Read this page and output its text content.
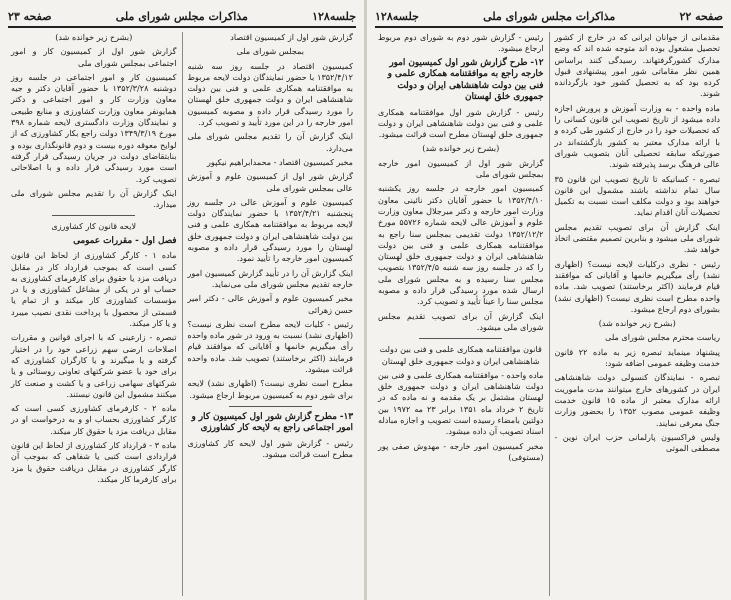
جلسه۱۲۸
مذاکرات مجلس شورای ملی
صفحه ۲۳

گزارش شور اول از کمیسیون اقتصاد

بمجلس شورای ملی

کمیسیون اقتصاد در جلسه روز سه شنبه ۱۳۵۲/۴/۱۲ با حضور نمایندگان دولت لایحه مربوط به موافقتنامه همکاری علمی و فنی بین دولت شاهنشاهی ایران و دولت جمهوری خلق لهستان را مورد رسیدگی قرار داده و مصوبه کمیسیون امور خارجه را در این مورد تأیید و تصویب کرد.

اینک گزارش آن را تقدیم مجلس شورای ملی می‌دارد.

مخبر کمیسیون اقتصاد - محمدابراهیم نیکپور

گزارش شور اول از کمیسیون علوم و آموزش عالی بمجلس شورای ملی

کمیسیون علوم و آموزش عالی در جلسه روز پنجشنبه ۱۳۵۲/۴/۲۱ با حضور نمایندگان دولت لایحه مربوط به موافقتنامه همکاری علمی و فنی بین دولت شاهنشاهی ایران و دولت جمهوری خلق لهستان را مورد رسیدگی قرار داده و مصوبه کمیسیون امور خارجه را تأیید نمود.

اینک گزارش آن را در تأیید گزارش کمیسیون امور خارجه تقدیم مجلس شورای ملی می‌نماید.

مخبر کمیسیون علوم و آموزش عالی - دکتر امیر حسن زهرائی

رئیس - کلیات لایحه مطرح است نظری نیست؟ (اظهاری نشد) نسبت به ورود در شور ماده واحده رأی میگیریم خانمها و آقایانی که موافقند قیام فرمایند (اکثر برخاستند) تصویب شد. ماده واحده قرائت میشود.

مطرح است نظری نیست؟ (اظهاری نشد) لایحه برای شور دوم به کمیسیون مربوط ارجاع میشود.

۱۳- مطرح گزارش شور اول کمیسیون کار و امور اجتماعی راجع به لایحه کار کشاورزی

رئیس - گزارش شور اول لایحه کار کشاورزی مطرح است قرائت میشود.

(بشرح زیر خوانده شد)

گزارش شور اول از کمیسیون کار و امور اجتماعی بمجلس شورای ملی

کمیسیون کار و امور اجتماعی در جلسه روز دوشنبه ۱۳۵۲/۳/۲۸ با حضور آقایان دکتر و جیه معاون وزارت کار و امور اجتماعی و دکتر همایونفر معاون وزارت کشاورزی و منابع طبیعی و نمایندگان وزارت دادگستری لایحه شماره ۳۹۸ مورخ ۱۳۴۹/۳/۱۹ دولت راجع بکار کشاورزی که از لوایح معوقه دوره بیست و دوم قانونگذاری بوده و بنابتقاضای دولت در جریان رسیدگی قرار گرفته است مورد رسیدگی قرار داده و با اصلاحاتی تصویب کرد.

اینک گزارش آن را تقدیم مجلس شورای ملی میدارد.

لایحه قانون کار کشاورزی

فصل اول - مقررات عمومی

ماده ۱ - کارگر کشاورزی از لحاظ این قانون کسی است که بموجب قرارداد کار در مقابل دریافت مزد یا حقوق برای کارفرمای کشاورزی به حساب او در یکی از مشاغل کشاورزی و یا در مؤسسات کشاورزی کار میکند و از تمام یا قسمتی از محصول با پرداخت نقدی نصیب میبرد و یا کار میکند.

تبصره - زارعینی که با اجرای قوانین و مقررات اصلاحات ارضی سهم زراعی خود را در اختیار گرفته و یا میگیرند و یا کارگران کشاورزی که برای خود یا عضو شرکتهای تعاونی روستائی و یا شرکتهای سهامی زراعی و یا کشت و صنعت کار میکنند مشمول این قانون نیستند.

ماده ۲ - کارفرمای کشاورزی کسی است که کارگر کشاورزی بحساب او و به درخواست او در مقابل دریافت مزد یا حقوق کار میکند.

ماده ۳ - قرارداد کار کشاورزی از لحاظ این قانون قراردادی است کتبی یا شفاهی که بموجب آن کارگر کشاورزی در مقابل دریافت حقوق یا مزد برای کارفرما کار میکند.

صفحه ۲۲
مذاکرات مجلس شورای ملی
جلسه۱۲۸

مقدمانی از جوانان ایرانی که در خارج از کشور تحصیل مشغول بوده اند متوجه شده اند که وضع مدارک کشورگرفتهاند. رسیدگی کنند براساس همین نظر مقاماتی شور امور پیشنهادی قبول کرده بود که به تحصیل کشور خود بازگردانده شوند.

ماده واحده - به وزارت آموزش و پرورش اجازه داده میشود از تاریخ تصویب این قانون کسانی را که تحصیلات خود را در خارج از کشور طی کرده و با ارائه مدارک معتبر به کشور بازگشته‌اند در صورتیکه سابقه تحصیلی آنان بتصویب شورای عالی فرهنگ برسد پذیرفته شوند.

تبصره - کسانیکه تا تاریخ تصویب این قانون ۳۵ سال تمام نداشته باشند مشمول این قانون خواهند بود و دولت مکلف است نسبت به تکمیل تحصیلات آنان اقدام نماید.

اینک گزارش آن برای تصویب تقدیم مجلس شورای ملی میشود و بنابرین تصمیم مقتضی اتخاذ خواهد شد.

رئیس - نظری درکلیات لایحه نیست؟ (اظهاری نشد) رأی میگیریم خانمها و آقایانی که موافقند قیام فرمایند (اکثر برخاستند) تصویب شد. ماده واحده مطرح است نظری نیست؟ (اظهاری نشد) بشورای دوم ارجاع میشود.

(بشرح زیر خوانده شد)

ریاست محترم مجلس شورای ملی

پیشنهاد مینماید تبصره زیر به ماده ۲۲ قانون خدمت وظیفه عمومی اضافه شود:

تبصره - نمایندگان کنسولی دولت شاهنشاهی ایران در کشورهای خارج میتوانند مدت ماموریت ارائه مدارک معتبر از ماده ۱۵ قانون خدمت وظیفه عمومی مصوب ۱۳۵۲ را بحضور وزارت جنگ معرفی نمایند.

ولیس فراکسیون پارلمانی حزب ایران نوین - مصطفی الموتی

رئیس - گزارش شور دوم به شورای دوم مربوط ارجاع میشود.

۱۲- طرح گزارش شور اول کمیسیون امور خارجه راجع به موافقتنامه همکاری علمی و فنی بین دولت شاهنشاهی ایران و دولت جمهوری خلق لهستان

رئیس - گزارش شور اول موافقتنامه همکاری علمی و فنی بین دولت شاهنشاهی ایران و دولت جمهوری خلق لهستان مطرح است قرائت میشود.

(بشرح زیر خوانده شد)

گزارش شور اول از کمیسیون امور خارجه بمجلس شورای ملی

کمیسیون امور خارجه در جلسه روز یکشنبه ۱۳۵۲/۴/۱۰ با حضور آقایان دکتر نائینی معاون وزارت امور خارجه و دکتر میرجلال معاون وزارت علوم و آموزش عالی لایحه شماره ۵۵۷۲۶ مورخ ۱۳۵۲/۱۲/۲ دولت تقدیمی بمجلس سنا راجع به موافقتنامه همکاری علمی و فنی بین دولت شاهنشاهی ایران و دولت جمهوری خلق لهستان را که در جلسه روز سه شنبه ۱۳۵۲/۴/۵ بتصویب مجلس سنا رسیده و به مجلس شورای ملی ارسال شده مورد رسیدگی قرار داده و مصوبه مجلس سنا را عیناً تأیید و تصویب کرد.

اینک گزارش آن برای تصویب تقدیم مجلس شورای ملی میشود.

قانون موافقتنامه همکاری علمی و فنی بین دولت شاهنشاهی ایران و دولت جمهوری خلق لهستان

ماده واحده - موافقتنامه همکاری علمی و فنی بین دولت شاهنشاهی ایران و دولت جمهوری خلق لهستان مشتمل بر یک مقدمه و نه ماده که در تاریخ ۲ خرداد ماه ۱۳۵۱ برابر ۲۳ مه ۱۹۷۲ بین دولتین بامضاء رسیده است تصویب و اجازه مبادله اسناد تصویب آن داده میشود.

مخبر کمیسیون امور خارجه - مهدوش صفی پور (مستوفی)
